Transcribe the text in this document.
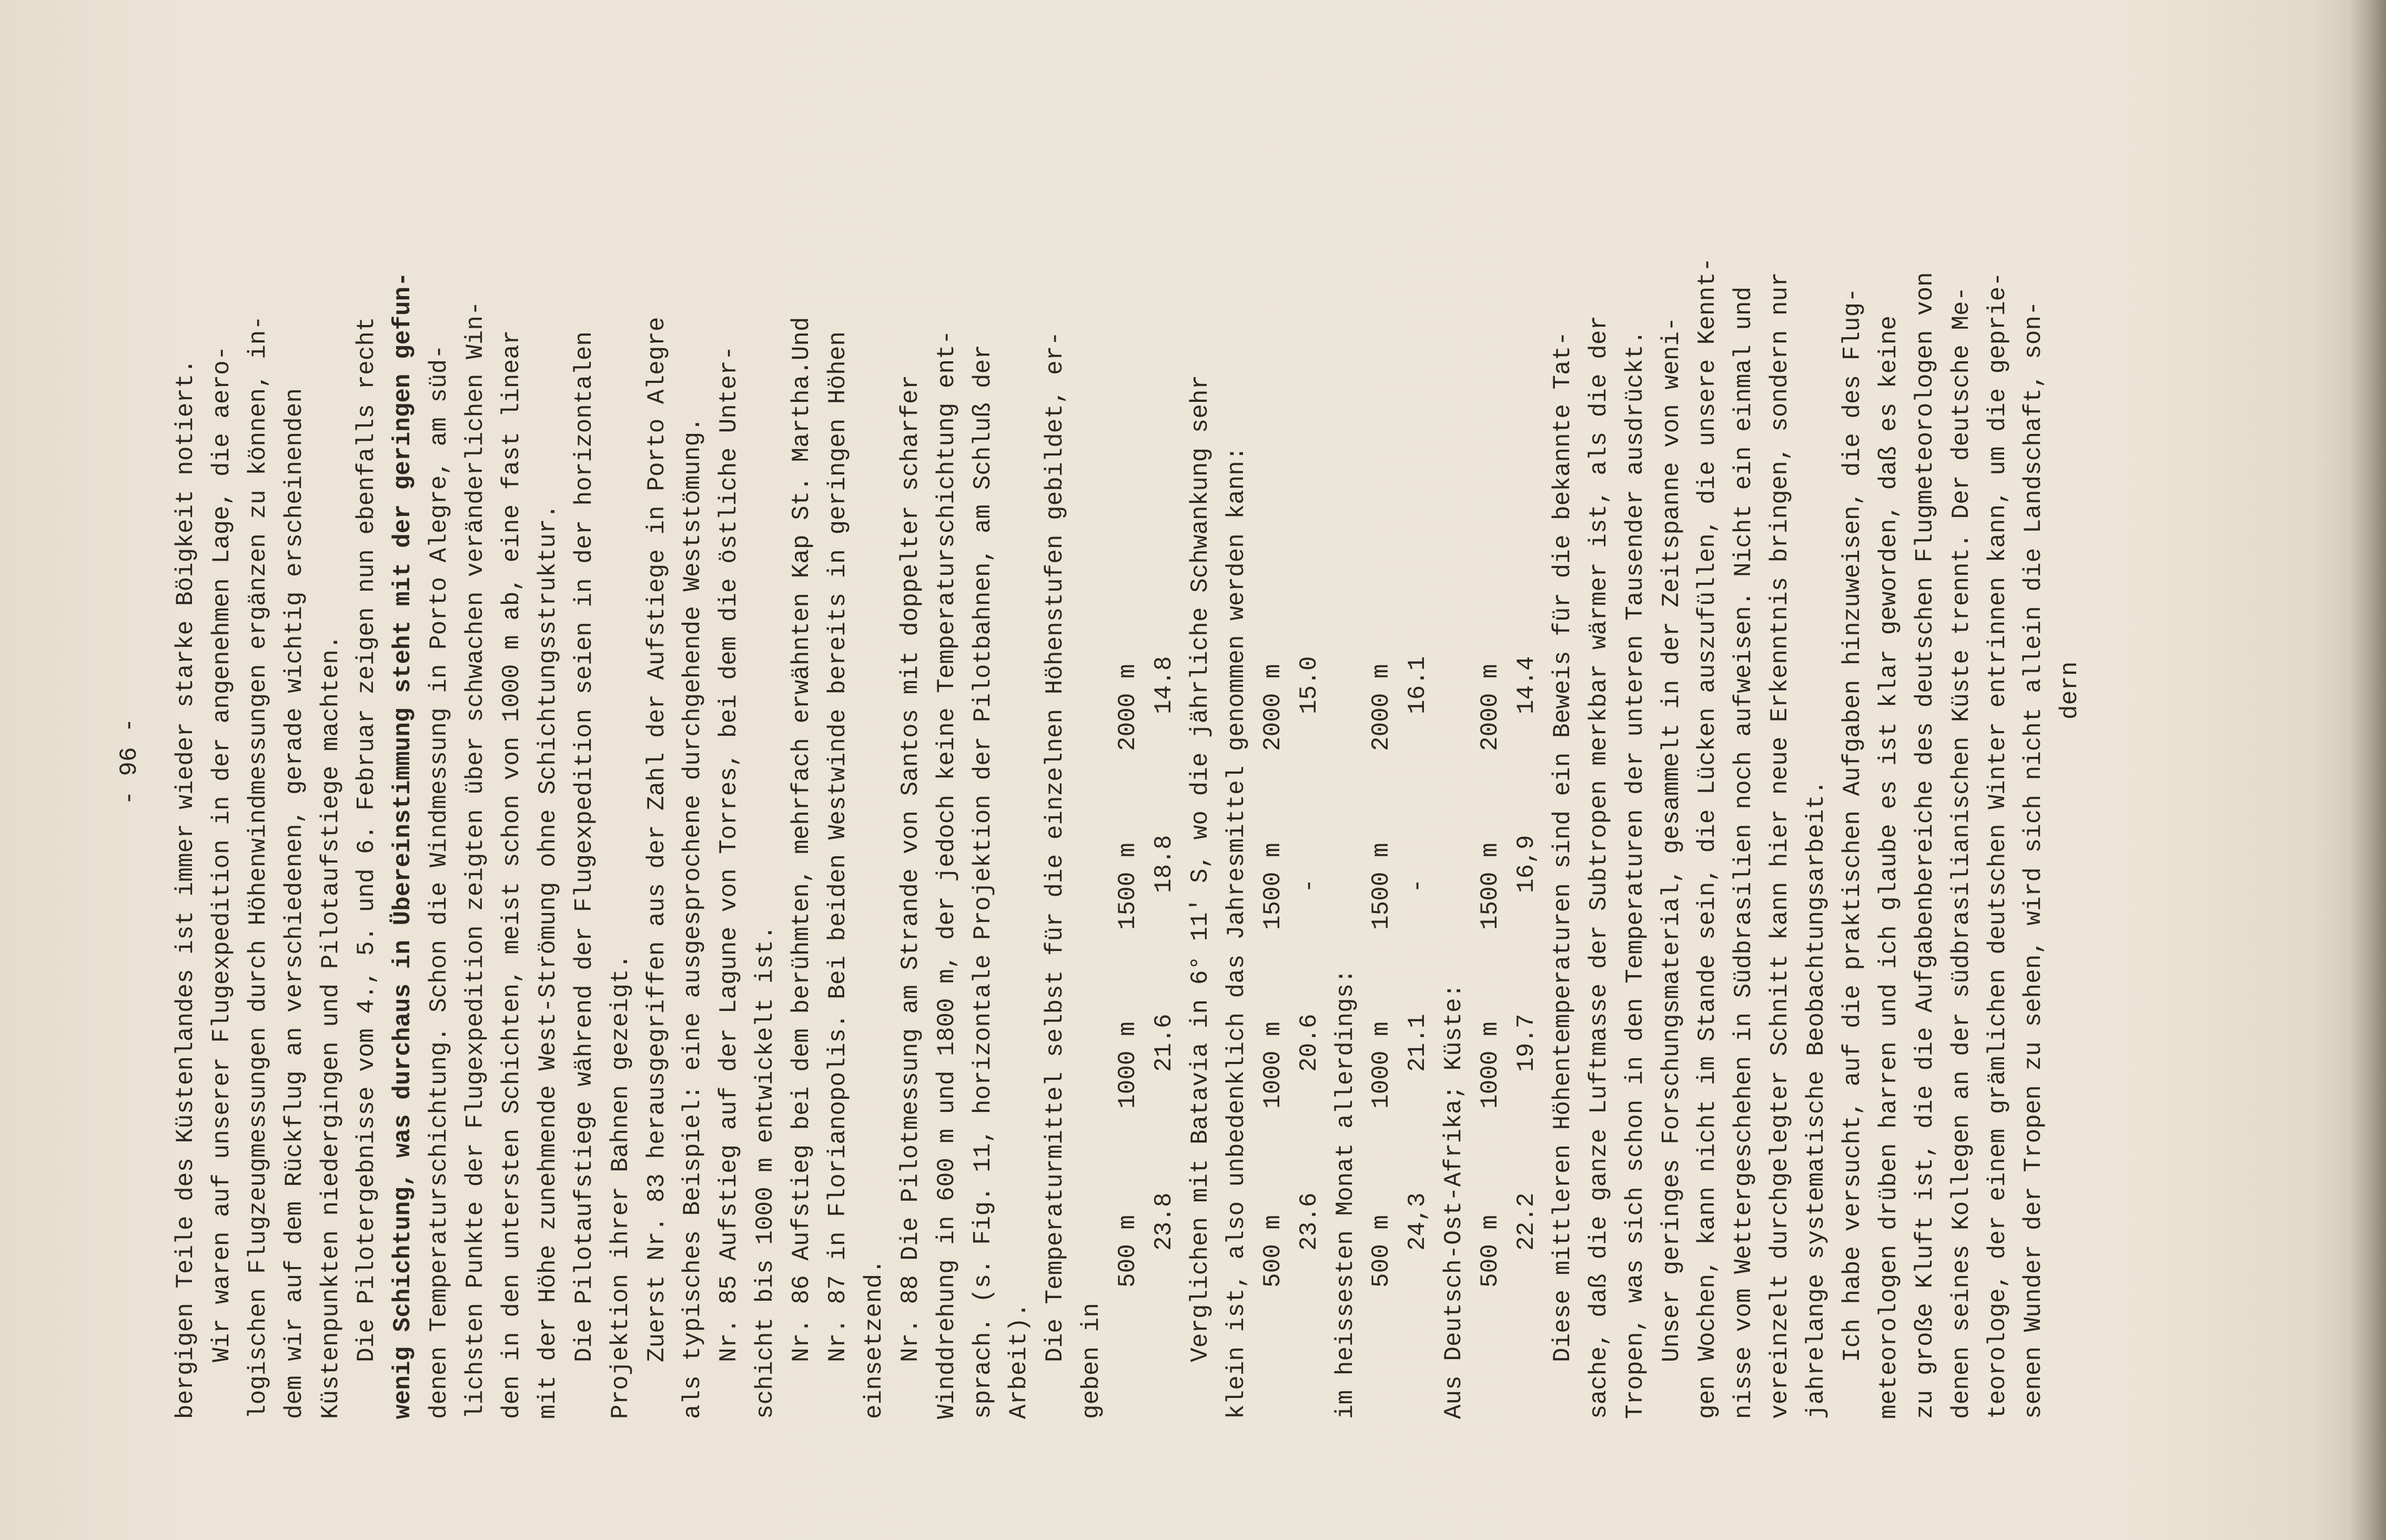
- 96 - bergigen Teile des Küstenlandes ist immer wieder starke Böigkeit notiert. Wir waren auf unserer Flugexpedition in der angenehmen Lage, die aero- logischen Flugzeugmessungen durch Höhenwindmessungen ergänzen zu können, in- dem wir auf dem Rückflug an verschiedenen, gerade wichtig erscheinenden Küstenpunkten niedergingen und Pilotaufstiege machten. Die Pilotergebnisse vom 4., 5. und 6. Februar zeigen nun ebenfalls recht wenig Schichtung, was durchaus in Übereinstimmung steht mit der geringen gefun- denen Temperaturschichtung. Schon die Windmessung in Porto Alegre, am süd- lichsten Punkte der Flugexpedition zeigten über schwachen veränderlichen Win- den in den untersten Schichten, meist schon von 1000 m ab, eine fast linear mit der Höhe zunehmende West-Strömung ohne Schichtungsstruktur. Die Pilotaufstiege während der Flugexpedition seien in der horizontalen Projektion ihrer Bahnen gezeigt. Zuerst Nr. 83 herausgegriffen aus der Zahl der Aufstiege in Porto Alegre als typisches Beispiel: eine ausgesprochene durchgehende Weststömung. Nr. 85 Aufstieg auf der Lagune von Torres, bei dem die östliche Unter- schicht bis 1000 m entwickelt ist. Nr. 86 Aufstieg bei dem berühmten, mehrfach erwähnten Kap St. Martha.Und Nr. 87 in Florianopolis. Bei beiden Westwinde bereits in geringen Höhen einsetzend. Nr. 88 Die Pilotmessung am Strande von Santos mit doppelter scharfer Winddrehung in 600 m und 1800 m, der jedoch keine Temperaturschichtung ent- sprach. (s. Fig. 11, horizontale Projektion der Pilotbahnen, am Schluß der Arbeit). Die Temperaturmittel selbst für die einzelnen Höhenstufen gebildet, er- geben in
500 m
1000 m
1500 m
2000 m
23.8
21.6
18.8
14.8 Verglichen mit Batavia in 6° 11' S, wo die jährliche Schwankung sehr klein ist, also unbedenklich das Jahresmittel genommen werden kann: 500 m
1000 m
1500 m
2000 m
23.6
20.6
-
15.0
im heissesten Monat allerdings: 500 m
1000 m
1500 m
2000 m
24,3
21.1
-
16.1
Aus Deutsch-Ost-Afrika; Küste: 500 m
1000 m
1500 m
2000 m
22.2
19.7
16,9
14.4 Diese mittleren Höhentemperaturen sind ein Beweis für die bekannte Tat- sache, daß die ganze Luftmasse der Subtropen merkbar wärmer ist, als die der Tropen, was sich schon in den Temperaturen der unteren Tausender ausdrückt. Unser geringes Forschungsmaterial, gesammelt in der Zeitspanne von weni- gen Wochen, kann nicht im Stande sein, die Lücken auszufüllen, die unsere Kennt- nisse vom Wettergeschehen in Südbrasilien noch aufweisen. Nicht ein einmal und vereinzelt durchgelegter Schnitt kann hier neue Erkenntnis bringen, sondern nur jahrelange systematische Beobachtungsarbeit. Ich habe versucht, auf die praktischen Aufgaben hinzuweisen, die des Flug- meteorologen drüben harren und ich glaube es ist klar geworden, daß es keine zu große Kluft ist, die die Aufgabenbereiche des deutschen Flugmeteorologen von denen seines Kollegen an der südbrasilianischen Küste trennt. Der deutsche Me- teorologe, der einem grämlichen deutschen Winter entrinnen kann, um die geprie- senen Wunder der Tropen zu sehen, wird sich nicht allein die Landschaft, son- dern
